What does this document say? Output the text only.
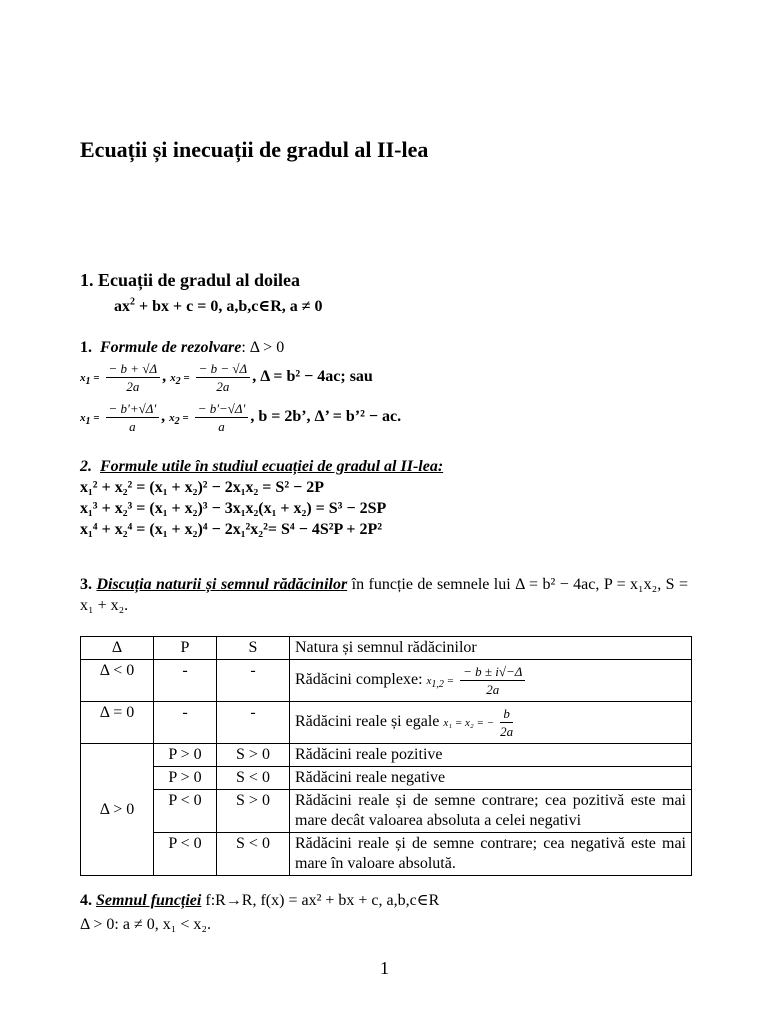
Ecuații și inecuații de gradul al II-lea
1. Ecuații de gradul al doilea
$ax^2$ + bx + c = 0, a,b,c∈R, a ≠ 0
1. Formule de rezolvare: Δ > 0
$x_1 = \frac{- b + √\Delta}{2a}$ , $x_2 = \frac{- b - √\Delta}{2a}$ , Δ = b² − 4ac; sau
$x_1 = \frac{- b'+√\Delta'}{a}$ , $x_2 = \frac{- b'-√\Delta'}{a}$ , b = 2b’, Δ’ = b’² − ac.
2. Formule utile în studiul ecuației de gradul al II-lea:
x₁² + x₂² = (x₁ + x₂)² − 2x₁x₂ = S² − 2P
x₁³ + x₂³ = (x₁ + x₂)³ − 3x₁x₂(x₁ + x₂) = S³ − 2SP
x₁⁴ + x₂⁴ = (x₁ + x₂)⁴ − 2x₁²x₂²= S⁴ − 4S²P + 2P²
3. Discuția naturii și semnul rădăcinilor în funcție de semnele lui Δ = b² − 4ac, P = x₁x₂, S = x₁ + x₂.
Δ	P	S	Natura și semnul rădăcinilor
Δ < 0	-	-	Rădăcini complexe: $x_{1,2} = \frac{- b \pm i√-\Delta}{2a}$

Δ = 0	-	-	Rădăcini reale și egale x₁ = x₂ = − $\frac{b}{2a}$

Δ > 0	P > 0	S > 0	Rădăcini reale pozitive
	P > 0	S < 0	Rădăcini reale negative
	P < 0	S > 0	Rădăcini reale și de semne contrare; cea pozitivă este mai mare decât valoarea absoluta a celei negativi
	P < 0	S < 0	Rădăcini reale și de semne contrare; cea negativă este mai mare în valoare absolută.
4. Semnul funcției f:R→R, f(x) = ax² + bx + c, a,b,c∈R
Δ > 0: a ≠ 0, x₁ < x₂.
1
